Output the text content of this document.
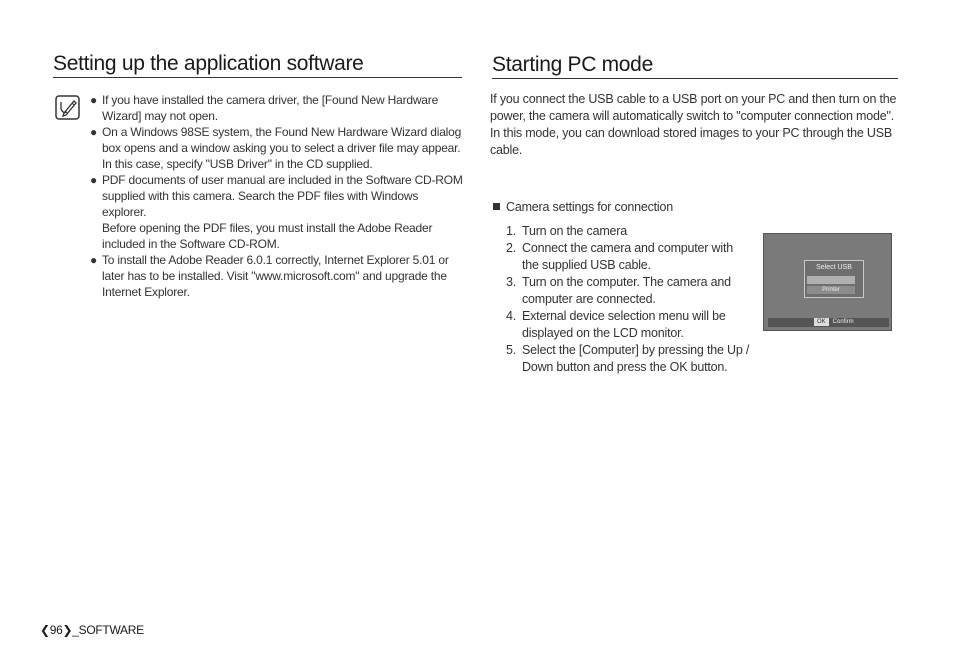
Setting up the application software	Starting PC mode
● If you have installed the camera driver, the [Found New Hardware Wizard] may not open.
● On a Windows 98SE system, the Found New Hardware Wizard dialog box opens and a window asking you to select a driver file may appear. In this case, specify "USB Driver" in the CD supplied.
● PDF documents of user manual are included in the Software CD-ROM supplied with this camera. Search the PDF files with Windows explorer.
Before opening the PDF files, you must install the Adobe Reader included in the Software CD-ROM.
● To install the Adobe Reader 6.0.1 correctly, Internet Explorer 5.01 or later has to be installed. Visit "www.microsoft.com" and upgrade the Internet Explorer.

If you connect the USB cable to a USB port on your PC and then turn on the power, the camera will automatically switch to "computer connection mode". In this mode, you can download stored images to your PC through the USB cable.

Camera settings for connection
1. Turn on the camera
2. Connect the camera and computer with the supplied USB cable.
3. Turn on the computer. The camera and computer are connected.
4. External device selection menu will be displayed on the LCD monitor.
5. Select the [Computer] by pressing the Up / Down button and press the OK button.
Select USB
Computer
Printer
OK Confirm
❮96❯_SOFTWARE
